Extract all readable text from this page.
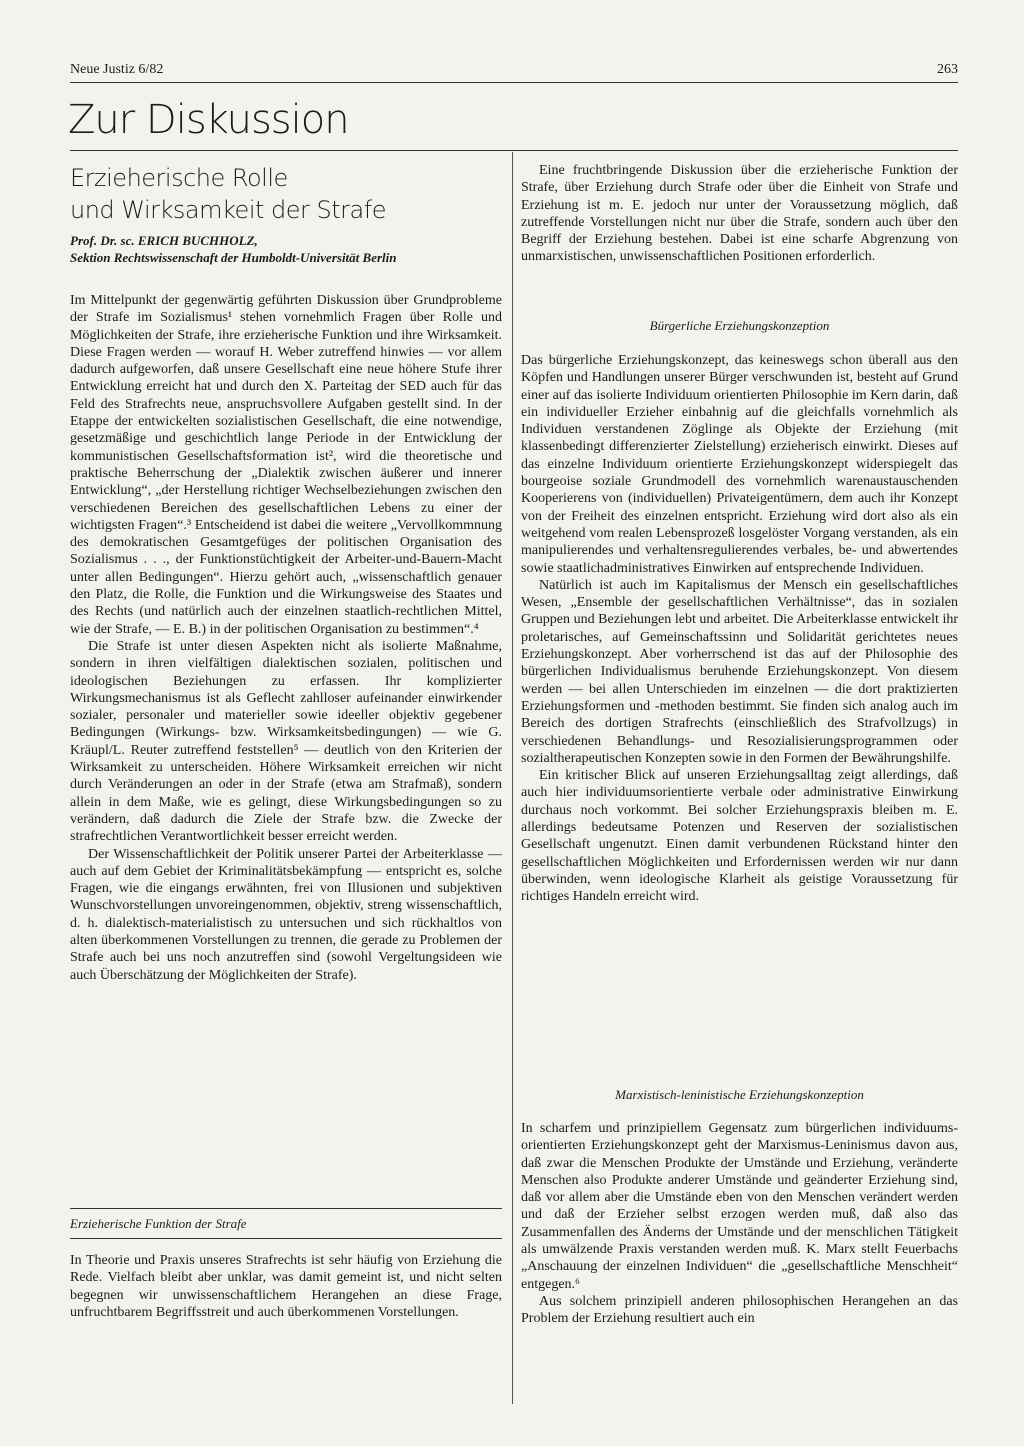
Neue Justiz 6/82	263
Zur Diskussion
Erzieherische Rolle
und Wirksamkeit der Strafe
Prof. Dr. sc. ERICH BUCHHOLZ,
Sektion Rechtswissenschaft der Humboldt-Universität Berlin

Im Mittelpunkt der gegenwärtig geführten Diskussion über Grundprobleme der Strafe im Sozialismus¹ stehen vornehmlich Fragen über Rolle und Möglichkeiten der Strafe, ihre erzieherische Funktion und ihre Wirksamkeit. Diese Fragen werden — worauf H. Weber zutreffend hinwies — vor allem dadurch aufgeworfen, daß unsere Gesellschaft eine neue höhere Stufe ihrer Entwicklung erreicht hat und durch den X. Parteitag der SED auch für das Feld des Strafrechts neue, anspruchsvollere Aufgaben gestellt sind. In der Etappe der entwickelten sozialistischen Gesellschaft, die eine notwendige, gesetzmäßige und geschichtlich lange Periode in der Entwicklung der kommunistischen Gesellschaftsformation ist², wird die theoretische und praktische Beherrschung der „Dialektik zwischen äußerer und innerer Entwicklung“, „der Herstellung richtiger Wechselbeziehungen zwischen den verschiedenen Bereichen des gesellschaftlichen Lebens zu einer der wichtigsten Fragen“.³ Entscheidend ist dabei die weitere „Vervollkommnung des demokratischen Gesamtgefüges der politischen Organisation des Sozialismus . . ., der Funktionstüchtigkeit der Arbeiter-und-Bauern-Macht unter allen Bedingungen“. Hierzu gehört auch, „wissenschaftlich genauer den Platz, die Rolle, die Funktion und die Wirkungsweise des Staates und des Rechts (und natürlich auch der einzelnen staatlich-rechtlichen Mittel, wie der Strafe, — E. B.) in der politischen Organisation zu bestimmen“.⁴

Die Strafe ist unter diesen Aspekten nicht als isolierte Maßnahme, sondern in ihren vielfältigen dialektischen sozialen, politischen und ideologischen Beziehungen zu erfassen. Ihr komplizierter Wirkungsmechanismus ist als Geflecht zahlloser aufeinander einwirkender sozialer, personaler und materieller sowie ideeller objektiv gegebener Bedingungen (Wirkungs- bzw. Wirksamkeitsbedingungen) — wie G. Kräupl/L. Reuter zutreffend feststellen⁵ — deutlich von den Kriterien der Wirksamkeit zu unterscheiden. Höhere Wirksamkeit erreichen wir nicht durch Veränderungen an oder in der Strafe (etwa am Strafmaß), sondern allein in dem Maße, wie es gelingt, diese Wirkungsbedingungen so zu verändern, daß dadurch die Ziele der Strafe bzw. die Zwecke der strafrechtlichen Verantwortlichkeit besser erreicht werden.

Der Wissenschaftlichkeit der Politik unserer Partei der Arbeiterklasse — auch auf dem Gebiet der Kriminalitätsbekämpfung — entspricht es, solche Fragen, wie die eingangs erwähnten, frei von Illusionen und subjektiven Wunschvorstellungen unvoreingenommen, objektiv, streng wissenschaftlich, d. h. dialektisch-materialistisch zu untersuchen und sich rückhaltlos von alten überkommenen Vorstellungen zu trennen, die gerade zu Problemen der Strafe auch bei uns noch anzutreffen sind (sowohl Vergeltungsideen wie auch Überschätzung der Möglichkeiten der Strafe).

Erzieherische Funktion der Strafe

In Theorie und Praxis unseres Strafrechts ist sehr häufig von Erziehung die Rede. Vielfach bleibt aber unklar, was damit gemeint ist, und nicht selten begegnen wir unwissenschaftlichem Herangehen an diese Frage, unfruchtbarem Begriffsstreit und auch überkommenen Vorstellungen.

Eine fruchtbringende Diskussion über die erzieherische Funktion der Strafe, über Erziehung durch Strafe oder über die Einheit von Strafe und Erziehung ist m. E. jedoch nur unter der Voraussetzung möglich, daß zutreffende Vorstellungen nicht nur über die Strafe, sondern auch über den Begriff der Erziehung bestehen. Dabei ist eine scharfe Abgrenzung von unmarxistischen, unwissenschaftlichen Positionen erforderlich.

Bürgerliche Erziehungskonzeption

Das bürgerliche Erziehungskonzept, das keineswegs schon überall aus den Köpfen und Handlungen unserer Bürger verschwunden ist, besteht auf Grund einer auf das isolierte Individuum orientierten Philosophie im Kern darin, daß ein individueller Erzieher einbahnig auf die gleichfalls vornehmlich als Individuen verstandenen Zöglinge als Objekte der Erziehung (mit klassenbedingt differenzierter Zielstellung) erzieherisch einwirkt. Dieses auf das einzelne Individuum orientierte Erziehungskonzept widerspiegelt das bourgeoise soziale Grundmodell des vornehmlich warenaustauschenden Kooperierens von (individuellen) Privateigentümern, dem auch ihr Konzept von der Freiheit des einzelnen entspricht. Erziehung wird dort also als ein weitgehend vom realen Lebensprozeß losgelöster Vorgang verstanden, als ein manipulierendes und verhaltensregulierendes verbales, be- und abwertendes sowie staatlichadministratives Einwirken auf entsprechende Individuen.

Natürlich ist auch im Kapitalismus der Mensch ein gesellschaftliches Wesen, „Ensemble der gesellschaftlichen Verhältnisse“, das in sozialen Gruppen und Beziehungen lebt und arbeitet. Die Arbeiterklasse entwickelt ihr proletarisches, auf Gemeinschaftssinn und Solidarität gerichtetes neues Erziehungskonzept. Aber vorherrschend ist das auf der Philosophie des bürgerlichen Individualismus beruhende Erziehungskonzept. Von diesem werden — bei allen Unterschieden im einzelnen — die dort praktizierten Erziehungsformen und -methoden bestimmt. Sie finden sich analog auch im Bereich des dortigen Strafrechts (einschließlich des Strafvollzugs) in verschiedenen Behandlungs- und Resozialisierungsprogrammen oder sozialtherapeutischen Konzepten sowie in den Formen der Bewährungshilfe.

Ein kritischer Blick auf unseren Erziehungsalltag zeigt allerdings, daß auch hier individuumsorientierte verbale oder administrative Einwirkung durchaus noch vorkommt. Bei solcher Erziehungspraxis bleiben m. E. allerdings bedeutsame Potenzen und Reserven der sozialistischen Gesellschaft ungenutzt. Einen damit verbundenen Rückstand hinter den gesellschaftlichen Möglichkeiten und Erfordernissen werden wir nur dann überwinden, wenn ideologische Klarheit als geistige Voraussetzung für richtiges Handeln erreicht wird.

Marxistisch-leninistische Erziehungskonzeption

In scharfem und prinzipiellem Gegensatz zum bürgerlichen individuums-orientierten Erziehungskonzept geht der Marxismus-Leninismus davon aus, daß zwar die Menschen Produkte der Umstände und Erziehung, veränderte Menschen also Produkte anderer Umstände und geänderter Erziehung sind, daß vor allem aber die Umstände eben von den Menschen verändert werden und daß der Erzieher selbst erzogen werden muß, daß also das Zusammenfallen des Änderns der Umstände und der menschlichen Tätigkeit als umwälzende Praxis verstanden werden muß. K. Marx stellt Feuerbachs „Anschauung der einzelnen Individuen“ die „gesellschaftliche Menschheit“ entgegen.⁶

Aus solchem prinzipiell anderen philosophischen Herangehen an das Problem der Erziehung resultiert auch ein
